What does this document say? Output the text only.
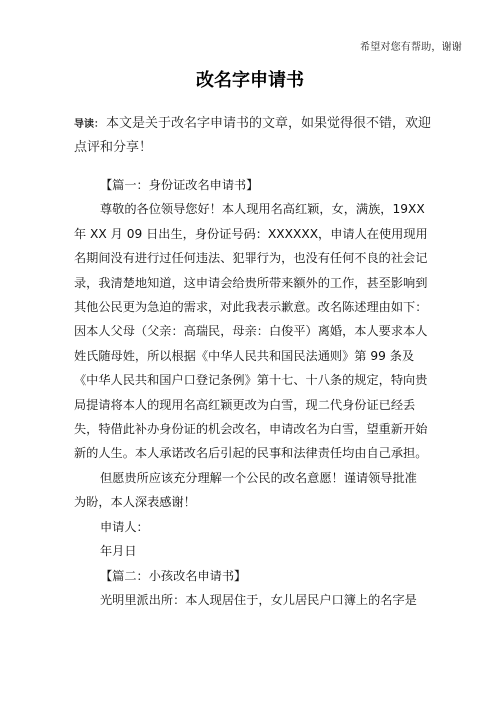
希望对您有帮助，谢谢
改名字申请书
导读： 本文是关于改名字申请书的文章，如果觉得很不错，欢迎点评和分享！

【篇一：身份证改名申请书】

尊敬的各位领导您好！本人现用名高红颖，女，满族，19XX年 XX 月 09 日出生，身份证号码：XXXXXX，申请人在使用现用名期间没有进行过任何违法、犯罪行为，也没有任何不良的社会记录，我清楚地知道，这申请会给贵所带来额外的工作，甚至影响到其他公民更为急迫的需求，对此我表示歉意。改名陈述理由如下：因本人父母（父亲：高瑞民，母亲：白俊平）离婚，本人要求本人姓氏随母姓，所以根据《中华人民共和国民法通则》第 99 条及《中华人民共和国户口登记条例》第十七、十八条的规定，特向贵局提请将本人的现用名高红颖更改为白雪，现二代身份证已经丢失，特借此补办身份证的机会改名，申请改名为白雪，望重新开始新的人生。本人承诺改名后引起的民事和法律责任均由自己承担。

但愿贵所应该充分理解一个公民的改名意愿！谨请领导批准为盼，本人深表感谢！

申请人：

年月日

【篇二：小孩改名申请书】

光明里派出所：本人现居住于，女儿居民户口簿上的名字是
